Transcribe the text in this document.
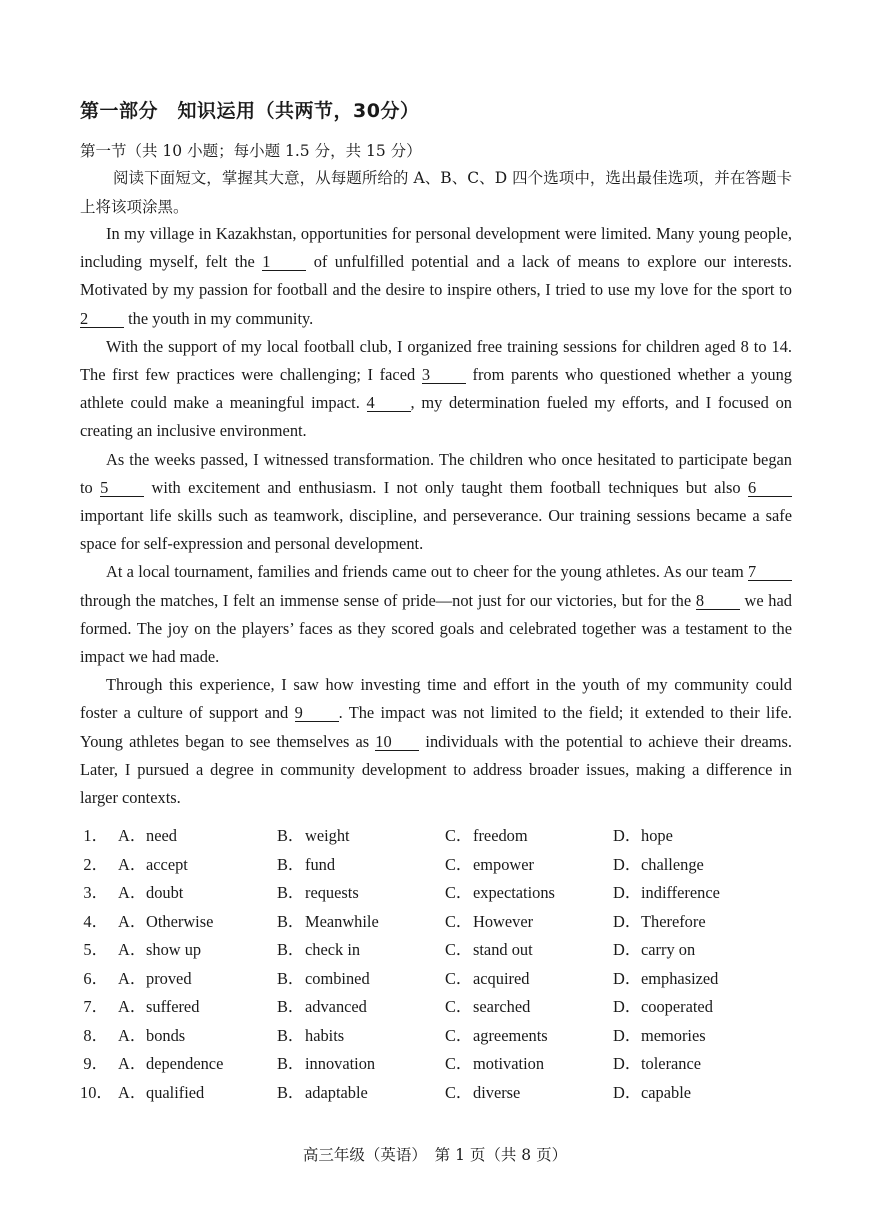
第一部分　知识运用（共两节，30分）
第一节（共 10 小题；每小题 1.5 分，共 15 分）
阅读下面短文，掌握其大意，从每题所给的 A、B、C、D 四个选项中，选出最佳选项，并在答题卡上将该项涂黑。

In my village in Kazakhstan, opportunities for personal development were limited. Many young people, including myself, felt the 1 of unfulfilled potential and a lack of means to explore our interests. Motivated by my passion for football and the desire to inspire others, I tried to use my love for the sport to 2 the youth in my community.

With the support of my local football club, I organized free training sessions for children aged 8 to 14. The first few practices were challenging; I faced 3 from parents who questioned whether a young athlete could make a meaningful impact. 4 , my determination fueled my efforts, and I focused on creating an inclusive environment.

As the weeks passed, I witnessed transformation. The children who once hesitated to participate began to 5 with excitement and enthusiasm. I not only taught them football techniques but also 6 important life skills such as teamwork, discipline, and perseverance. Our training sessions became a safe space for self-expression and personal development.

At a local tournament, families and friends came out to cheer for the young athletes. As our team 7 through the matches, I felt an immense sense of pride—not just for our victories, but for the 8 we had formed. The joy on the players’ faces as they scored goals and celebrated together was a testament to the impact we had made.

Through this experience, I saw how investing time and effort in the youth of my community could foster a culture of support and 9 . The impact was not limited to the field; it extended to their life. Young athletes began to see themselves as 10 individuals with the potential to achieve their dreams. Later, I pursued a degree in community development to address broader issues, making a difference in larger contexts.

1． A．need	B．weight	C．freedom	D．hope
2． A．accept	B．fund	C．empower	D．challenge
3． A．doubt	B．requests	C．expectations	D．indifference
4． A．Otherwise	B．Meanwhile	C．However	D．Therefore
5． A．show up	B．check in	C．stand out	D．carry on
6． A．proved	B．combined	C．acquired	D．emphasized
7． A．suffered	B．advanced	C．searched	D．cooperated
8． A．bonds	B．habits	C．agreements	D．memories
9． A．dependence	B．innovation	C．motivation	D．tolerance
10． A．qualified	B．adaptable	C．diverse	D．capable
高三年级（英语）　第 1 页（共 8 页）
